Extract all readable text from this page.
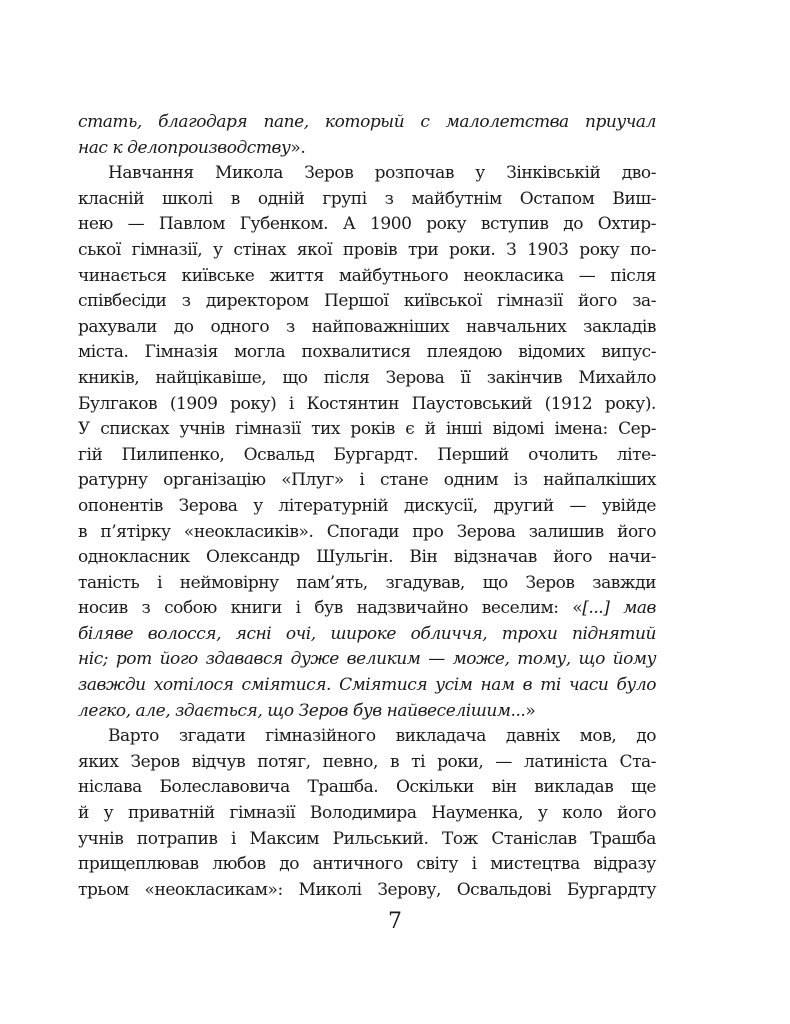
стать, благодаря папе, который с малолетства приучал
нас к делопроизводству».
Навчання Микола Зеров розпочав у Зінківській дво-
класній школі в одній групі з майбутнім Остапом Виш-
нею — Павлом Губенком. А 1900 року вступив до Охтир-
ської гімназії, у стінах якої провів три роки. З 1903 року по-
чинається київське життя майбутнього неокласика — після
співбесіди з директором Першої київської гімназії його за-
рахували до одного з найповажніших навчальних закладів
міста. Гімназія могла похвалитися плеядою відомих випус-
кників, найцікавіше, що після Зерова її закінчив Михайло
Булгаков (1909 року) і Костянтин Паустовський (1912 року).
У списках учнів гімназії тих років є й інші відомі імена: Сер-
гій Пилипенко, Освальд Бургардт. Перший очолить літе-
ратурну організацію «Плуг» і стане одним із найпалкіших
опонентів Зерова у літературній дискусії, другий — увійде
в п’ятірку «неокласиків». Спогади про Зерова залишив його
однокласник Олександр Шульгін. Він відзначав його начи-
таність і неймовірну пам’ять, згадував, що Зеров завжди
носив з собою книги і був надзвичайно веселим: «[...] мав
біляве волосся, ясні очі, широке обличчя, трохи піднятий
ніс; рот його здавався дуже великим — може, тому, що йому
завжди хотілося сміятися. Сміятися усім нам в ті часи було
легко, але, здається, що Зеров був найвеселішим...»
Варто згадати гімназійного викладача давніх мов, до
яких Зеров відчув потяг, певно, в ті роки, — латиніста Ста-
ніслава Болеславовича Трашба. Оскільки він викладав ще
й у приватній гімназії Володимира Науменка, у коло його
учнів потрапив і Максим Рильський. Тож Станіслав Трашба
прищеплював любов до античного світу і мистецтва відразу
трьом «неокласикам»: Миколі Зерову, Освальдові Бургардту
7
